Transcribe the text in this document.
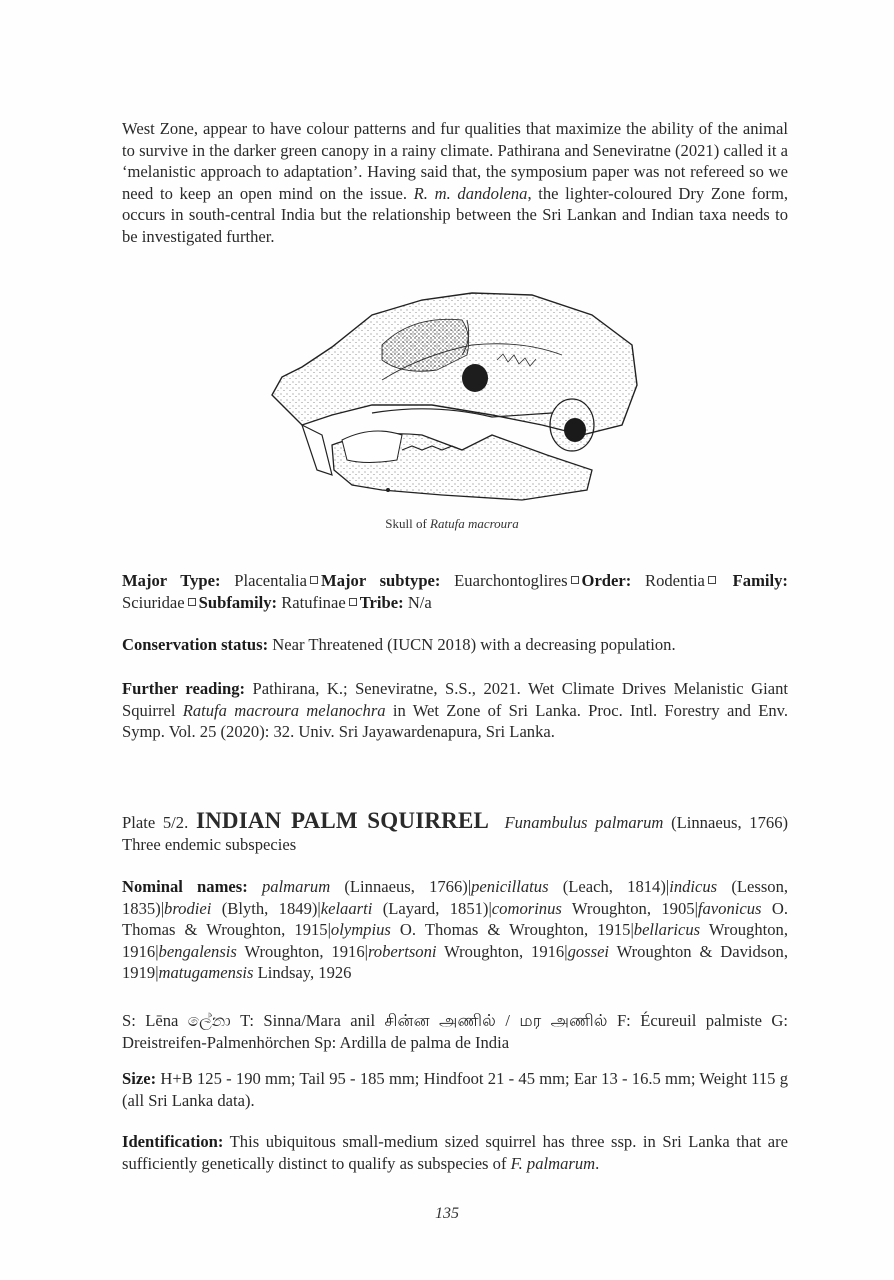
West Zone, appear to have colour patterns and fur qualities that maximize the ability of the animal to survive in the darker green canopy in a rainy climate. Pathirana and Seneviratne (2021) called it a ‘melanistic approach to adaptation’. Having said that, the symposium paper was not refereed so we need to keep an open mind on the issue. R. m. dandolena, the lighter-coloured Dry Zone form, occurs in south-central India but the relationship between the Sri Lankan and Indian taxa needs to be investigated further.

Skull of Ratufa macroura

Major Type: Placentalia Major subtype: Euarchontoglires Order: Rodentia Family: Sciuridae Subfamily: Ratufinae Tribe: N/a

Conservation status: Near Threatened (IUCN 2018) with a decreasing population.

Further reading: Pathirana, K.; Seneviratne, S.S., 2021. Wet Climate Drives Melanistic Giant Squirrel Ratufa macroura melanochra in Wet Zone of Sri Lanka. Proc. Intl. Forestry and Env. Symp. Vol. 25 (2020): 32. Univ. Sri Jayawardenapura, Sri Lanka.

Plate 5/2. INDIAN PALM SQUIRREL Funambulus palmarum (Linnaeus, 1766) Three endemic subspecies

Nominal names: palmarum (Linnaeus, 1766)|penicillatus (Leach, 1814)|indicus (Lesson, 1835)|brodiei (Blyth, 1849)|kelaarti (Layard, 1851)|comorinus Wroughton, 1905|favonicus O. Thomas & Wroughton, 1915|olympius O. Thomas & Wroughton, 1915|bellaricus Wroughton, 1916|bengalensis Wroughton, 1916|robertsoni Wroughton, 1916|gossei Wroughton & Davidson, 1919|matugamensis Lindsay, 1926

S: Lēna ලේනා T: Sinna/Mara anil சின்ன அணில் / மர அணில் F: Écureuil palmiste G: Dreistreifen-Palmenhörchen Sp: Ardilla de palma de India

Size: H+B 125 - 190 mm; Tail 95 - 185 mm; Hindfoot 21 - 45 mm; Ear 13 - 16.5 mm; Weight 115 g (all Sri Lanka data).

Identification: This ubiquitous small-medium sized squirrel has three ssp. in Sri Lanka that are sufficiently genetically distinct to qualify as subspecies of F. palmarum.

135
